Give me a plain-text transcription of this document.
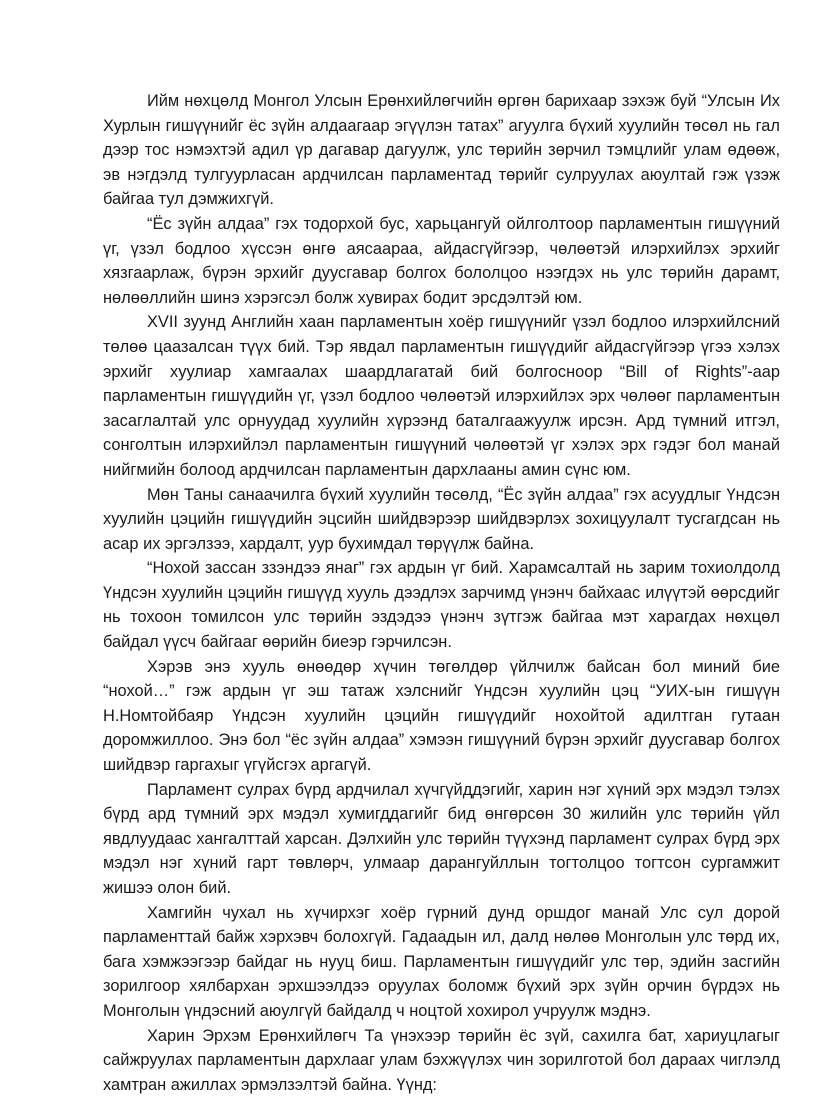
Ийм нөхцөлд Монгол Улсын Ерөнхийлөгчийн өргөн барихаар зэхэж буй “Улсын Их Хурлын гишүүнийг ёс зүйн алдаагаар эгүүлэн татах” агуулга бүхий хуулийн төсөл нь гал дээр тос нэмэхтэй адил үр дагавар дагуулж, улс төрийн зөрчил тэмцлийг улам өдөөж, эв нэгдэлд тулгуурласан ардчилсан парламентад төрийг сулруулах аюултай гэж үзэж байгаа тул дэмжихгүй.

“Ёс зүйн алдаа” гэх тодорхой бус, харьцангуй ойлголтоор парламентын гишүүний үг, үзэл бодлоо хүссэн өнгө аясаараа, айдасгүйгээр, чөлөөтэй илэрхийлэх эрхийг хязгаарлаж, бүрэн эрхийг дуусгавар болгох бололцоо нээгдэх нь улс төрийн дарамт, нөлөөллийн шинэ хэрэгсэл болж хувирах бодит эрсдэлтэй юм.

XVII зуунд Английн хаан парламентын хоёр гишүүнийг үзэл бодлоо илэрхийлсний төлөө цаазалсан түүх бий. Тэр явдал парламентын гишүүдийг айдасгүйгээр үгээ хэлэх эрхийг хуулиар хамгаалах шаардлагатай бий болгосноор “Bill of Rights”-аар парламентын гишүүдийн үг, үзэл бодлоо чөлөөтэй илэрхийлэх эрх чөлөөг парламентын засаглалтай улс орнуудад хуулийн хүрээнд баталгаажуулж ирсэн. Ард түмний итгэл, сонголтын илэрхийлэл парламентын гишүүний чөлөөтэй үг хэлэх эрх гэдэг бол манай нийгмийн болоод ардчилсан парламентын дархлааны амин сүнс юм.

Мөн Таны санаачилга бүхий хуулийн төсөлд, “Ёс зүйн алдаа” гэх асуудлыг Үндсэн хуулийн цэцийн гишүүдийн эцсийн шийдвэрээр шийдвэрлэх зохицуулалт тусгагдсан нь асар их эргэлзээ, хардалт, уур бухимдал төрүүлж байна.

“Нохой зассан ззэндээ янаг” гэх ардын үг бий. Харамсалтай нь зарим тохиолдолд Үндсэн хуулийн цэцийн гишүүд хууль дээдлэх зарчимд үнэнч байхаас илүүтэй өөрсдийг нь тохоон томилсон улс төрийн эздэдээ үнэнч зүтгэж байгаа мэт харагдах нөхцөл байдал үүсч байгааг өөрийн биеэр гэрчилсэн.

Хэрэв энэ хууль өнөөдөр хүчин төгөлдөр үйлчилж байсан бол миний бие “нохой…” гэж ардын үг эш татаж хэлснийг Үндсэн хуулийн цэц “УИХ-ын гишүүн Н.Номтойбаяр Үндсэн хуулийн цэцийн гишүүдийг нохойтой адилтган гутаан доромжиллоо. Энэ бол “ёс зүйн алдаа” хэмээн гишүүний бүрэн эрхийг дуусгавар болгох шийдвэр гаргахыг үгүйсгэх аргагүй.

Парламент сулрах бүрд ардчилал хүчгүйддэгийг, харин нэг хүний эрх мэдэл тэлэх бүрд ард түмний эрх мэдэл хумигддагийг бид өнгөрсөн 30 жилийн улс төрийн үйл явдлуудаас хангалттай харсан. Дэлхийн улс төрийн түүхэнд парламент сулрах бүрд эрх мэдэл нэг хүний гарт төвлөрч, улмаар дарангуйллын тогтолцоо тогтсон сургамжит жишээ олон бий.

Хамгийн чухал нь хүчирхэг хоёр гүрний дунд оршдог манай Улс сул дорой парламенттай байж хэрхэвч болохгүй. Гадаадын ил, далд нөлөө Монголын улс төрд их, бага хэмжээгээр байдаг нь нууц биш. Парламентын гишүүдийг улс төр, эдийн засгийн зорилгоор хялбархан эрхшээлдээ оруулах боломж бүхий эрх зүйн орчин бүрдэх нь Монголын үндэсний аюулгүй байдалд ч ноцтой хохирол учруулж мэднэ.

Харин Эрхэм Ерөнхийлөгч Та үнэхээр төрийн ёс зүй, сахилга бат, хариуцлагыг сайжруулах парламентын дархлааг улам бэхжүүлэх чин зорилготой бол дараах чиглэлд хамтран ажиллах эрмэлзэлтэй байна. Үүнд:
